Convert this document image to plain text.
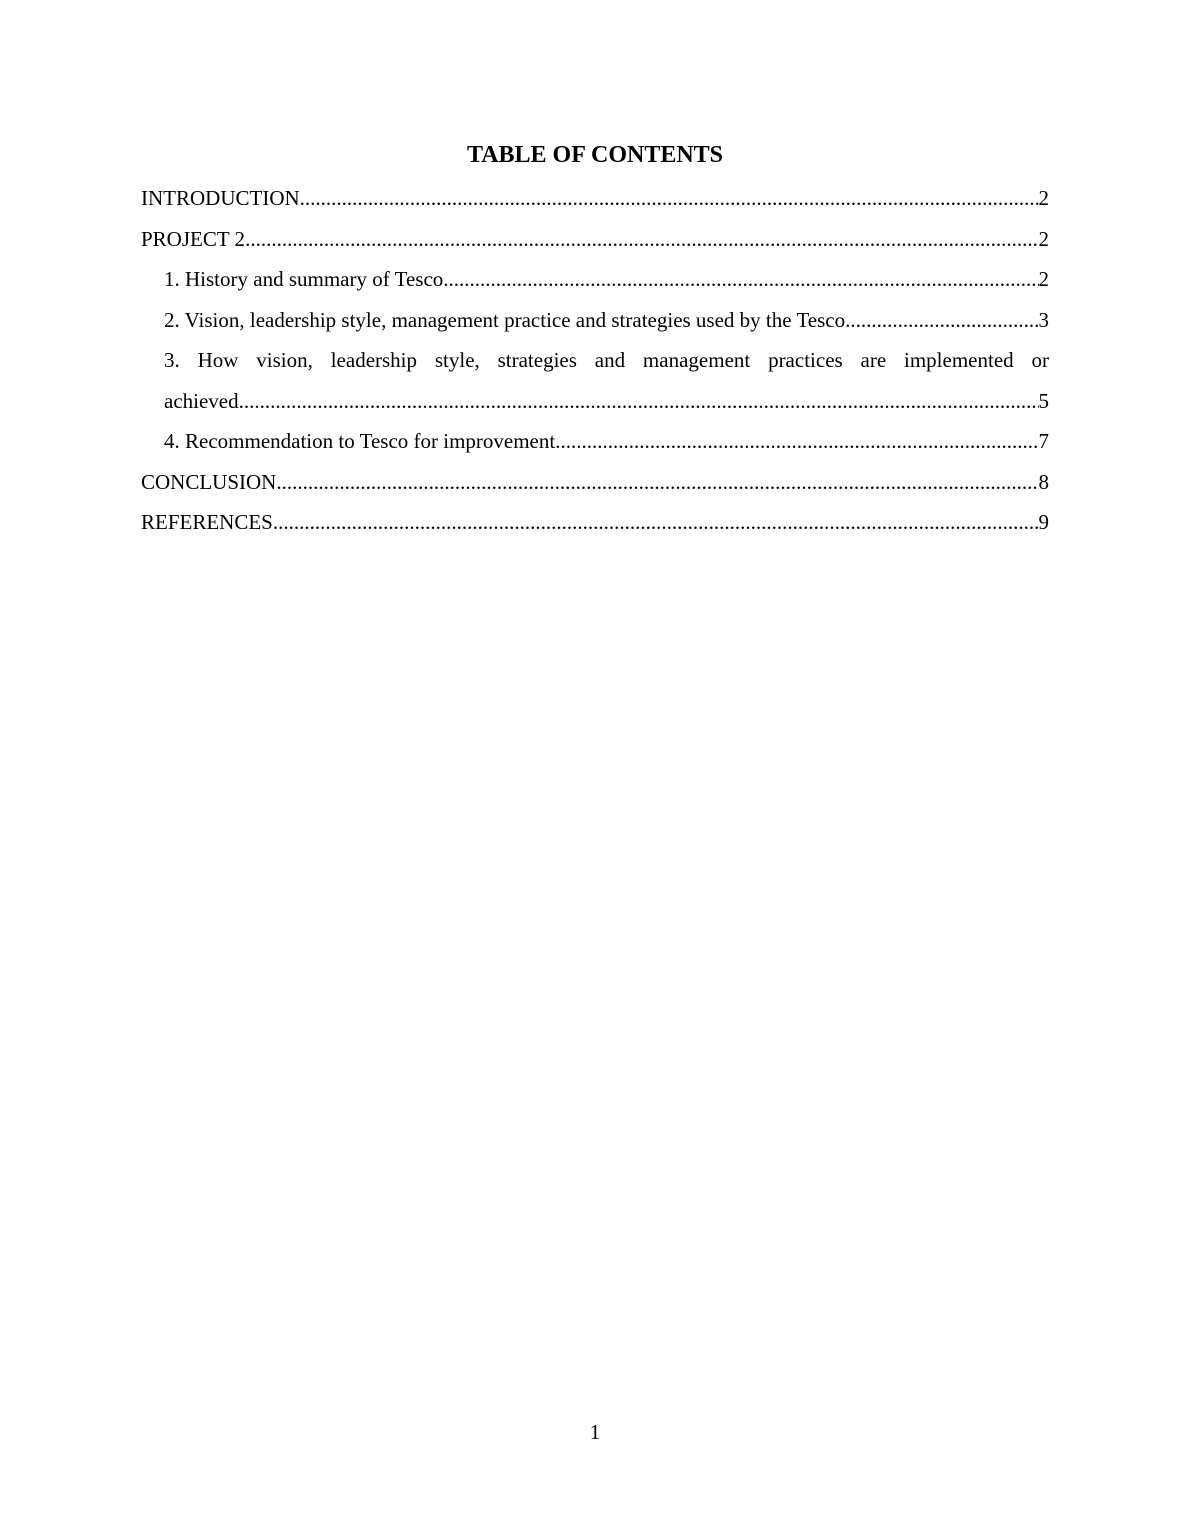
TABLE OF CONTENTS
INTRODUCTION .....	2
PROJECT 2 .....	2
1. History and summary of Tesco .....	2
2. Vision, leadership style, management practice and strategies used by the Tesco .....	3
3. How vision, leadership style, strategies and management practices are implemented or
achieved .....	5
4. Recommendation to Tesco for improvement .....	7
CONCLUSION .....	8
REFERENCES .....	9
1
